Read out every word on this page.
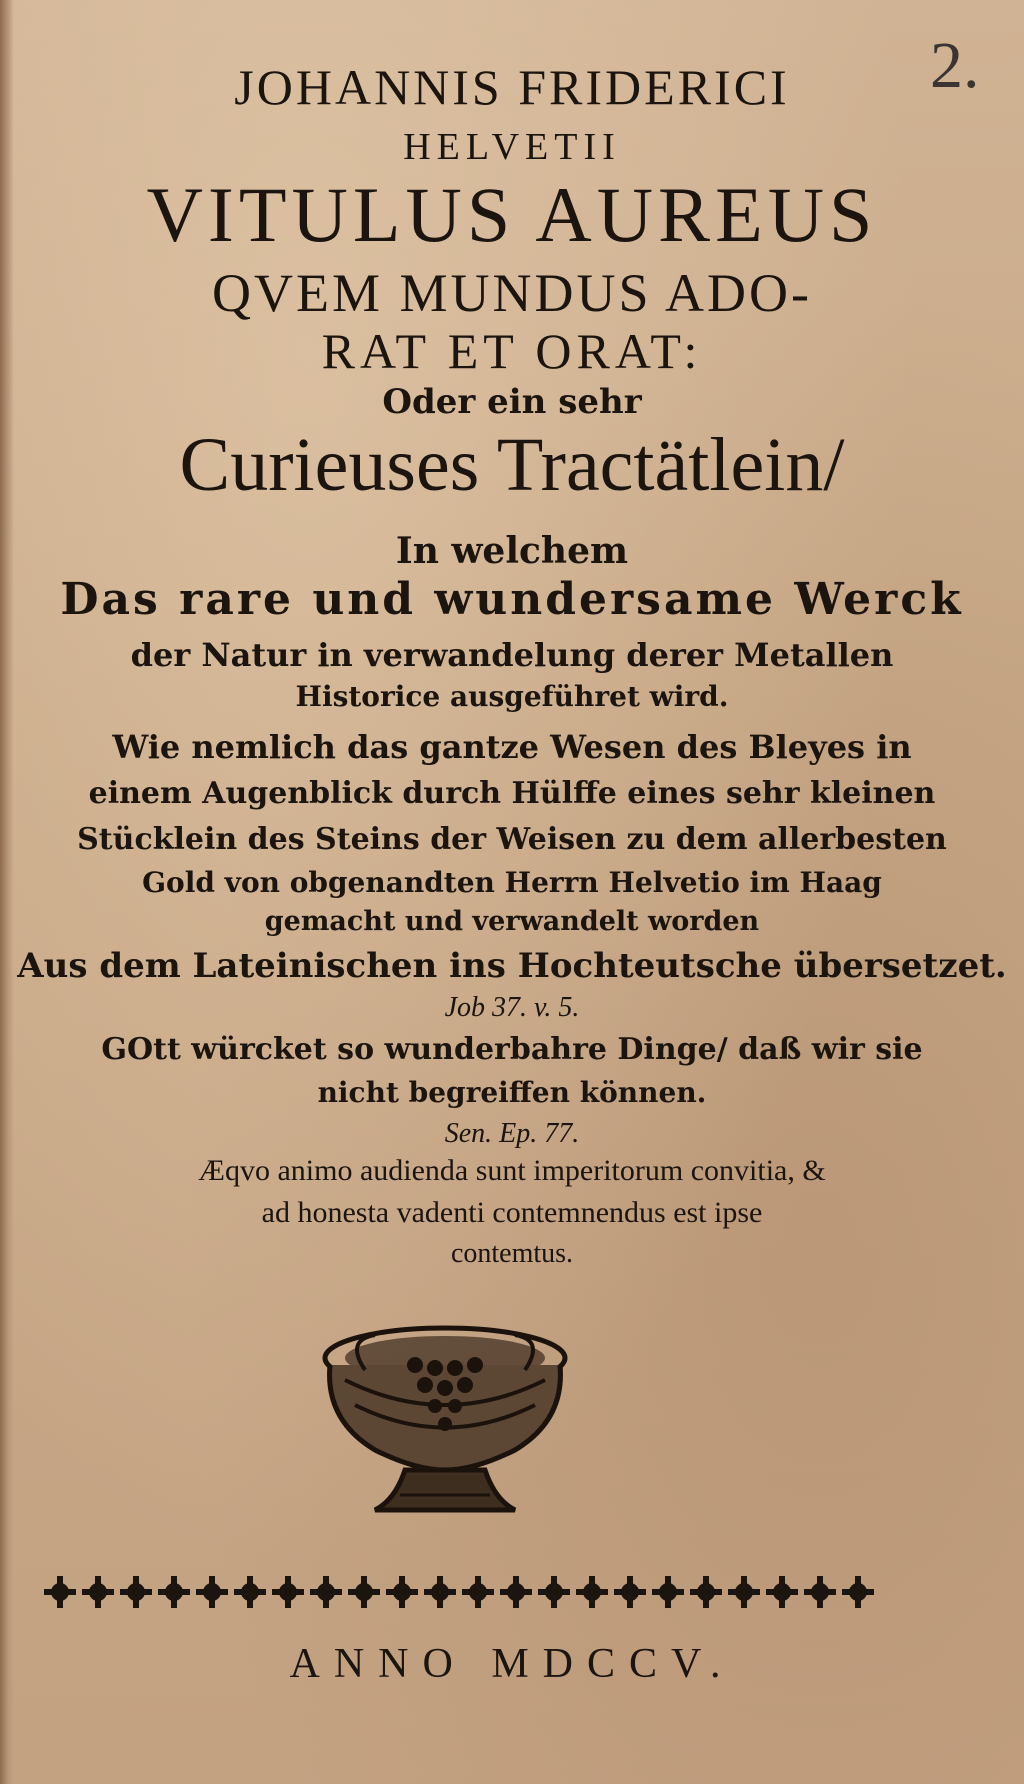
2.
JOHANNIS FRIDERICI
HELVETII
VITULUS AUREUS
QVEM MUNDUS ADO-
RAT ET ORAT:
Oder ein sehr
Curieuses Tractätlein/
In welchem
Das rare und wundersame Werck
der Natur in verwandelung derer Metallen
Historice ausgeführet wird.
Wie nemlich das gantze Wesen des Bleyes in
einem Augenblick durch Hülffe eines sehr kleinen
Stücklein des Steins der Weisen zu dem allerbesten
Gold von obgenandten Herrn Helvetio im Haag
gemacht und verwandelt worden
Aus dem Lateinischen ins Hochteutsche übersetzet.
Job 37. v. 5.
GOtt würcket so wunderbahre Dinge/ daß wir sie
nicht begreiffen können.
Sen. Ep. 77.
Æqvo animo audienda sunt imperitorum convitia, &
ad honesta vadenti contemnendus est ipse
contemtus.
ANNO MDCCV.
